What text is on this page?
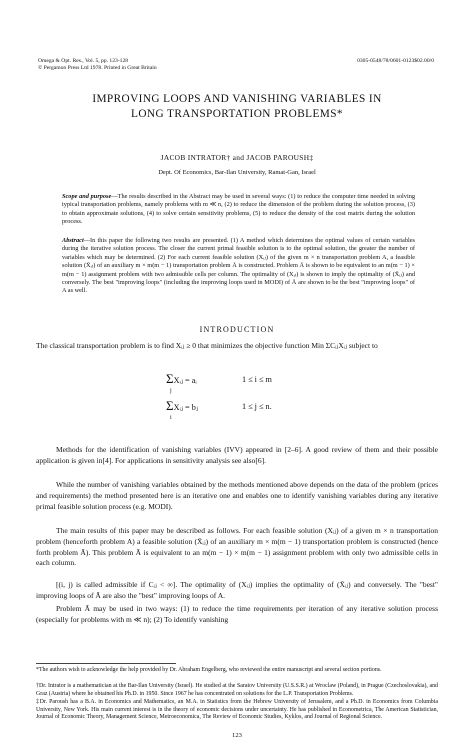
Omega & Opt. Res., Vol. 5, pp. 123-128
© Pergamon Press Ltd 1978. Printed in Great Britain
0305-0548/78/0601-0123$02.00/0
IMPROVING LOOPS AND VANISHING VARIABLES IN
LONG TRANSPORTATION PROBLEMS*
JACOB INTRATOR† and JACOB PAROUSH‡
Dept. Of Economics, Bar-Ilan University, Ramat-Gan, Israel
Scope and purpose—The results described in the Abstract may be used in several ways: (1) to reduce the computer time needed in solving typical transportation problems, namely problems with m ≪ n, (2) to reduce the dimension of the problem during the solution process, (3) to obtain approximate solutions, (4) to solve certain sensitivity problems, (5) to reduce the density of the cost matrix during the solution process.
Abstract—In this paper the following two results are presented. (1) A method which determines the optimal values of certain variables during the iterative solution process. The closer the current primal feasible solution is to the optimal solution, the greater the number of variables which may be determined. (2) For each current feasible solution (Xᵢⱼ) of the given m × n transportation problem A, a feasible solution (X̄ᵢⱼ) of an auxiliary m × m(m − 1) transportation problem Ā is constructed. Problem Ā is shown to be equivalent to an m(m − 1) × m(m − 1) assignment problem with two admissible cells per column. The optimality of (Xᵢⱼ) is shown to imply the optimality of (X̄ᵢⱼ) and conversely. The best "improving loops" (including the improving loops used in MODI) of Ā are shown to be the best "improving loops" of A as well.
INTRODUCTION
The classical transportation problem is to find Xᵢⱼ ≥ 0 that minimizes the objective function Min ΣCᵢⱼXᵢⱼ subject to
ΣXᵢⱼ = aᵢ
j
1 ≤ i ≤ m
ΣXᵢⱼ = bⱼ
i
1 ≤ j ≤ n.
Methods for the identification of vanishing variables (IVV) appeared in [2–6]. A good review of them and their possible application is given in[4]. For applications in sensitivity analysis see also[6].
While the number of vanishing variables obtained by the methods mentioned above depends on the data of the problem (prices and requirements) the method presented here is an iterative one and enables one to identify vanishing variables during any iterative primal feasible solution process (e.g. MODI).
The main results of this paper may be described as follows. For each feasible solution (Xᵢⱼ) of a given m × n transportation problem (henceforth problem A) a feasible solution (X̄ᵢⱼ) of an auxiliary m × m(m − 1) transportation problem is constructed (hence forth problem Ā). This problem Ā is equivalent to an m(m − 1) × m(m − 1) assignment problem with only two admissible cells in each column.
[(i, j) is called admissible if Cᵢⱼ < ∞]. The optimality of (Xᵢⱼ) implies the optimality of (X̄ᵢⱼ) and conversely. The "best" improving loops of Ā are also the "best" improving loops of A.
Problem Ā may be used in two ways: (1) to reduce the time requirements per iteration of any iterative solution process (especially for problems with m ≪ n); (2) To identify vanishing
*The authors wish to acknowledge the help provided by Dr. Abraham Engelberg, who reviewed the entire manuscript and several section portions.
†Dr. Intrator is a mathematician at the Bar-Ilan University (Israel). He studied at the Saratov University (U.S.S.R.) at Wroclaw (Poland), in Prague (Czechoslovakia), and Graz (Austria) where he obtained his Ph.D. in 1950. Since 1967 he has concentrated on solutions for the L.P. Transportation Problems.
‡Dr. Paroush has a B.A. in Economics and Mathematics, an M.A. in Statistics from the Hebrew University of Jerusalem, and a Ph.D. in Economics from Columbia University, New York. His main current interest is in the theory of economic decisions under uncertainty. He has published in Econometrica, The American Statistician, Journal of Economic Theory, Management Science, Metroeconomica, The Review of Economic Studies, Kyklos, and Journal of Regional Science.
123
